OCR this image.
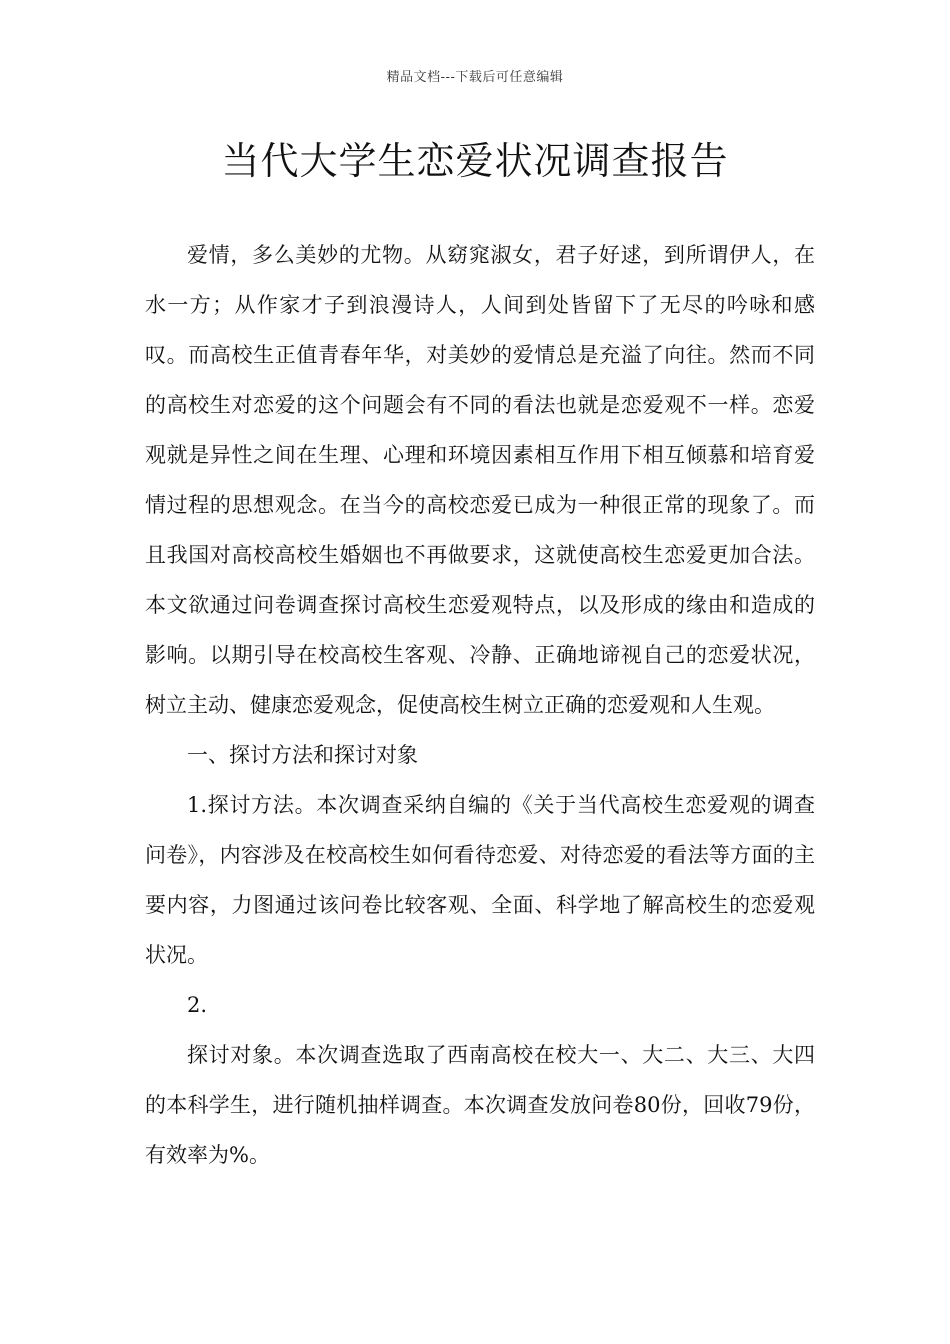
精品文档---下载后可任意编辑
当代大学生恋爱状况调查报告

爱情，多么美妙的尤物。从窈窕淑女，君子好逑，到所谓伊人，在水一方；从作家才子到浪漫诗人，人间到处皆留下了无尽的吟咏和感叹。而高校生正值青春年华，对美妙的爱情总是充溢了向往。然而不同的高校生对恋爱的这个问题会有不同的看法也就是恋爱观不一样。恋爱观就是异性之间在生理、心理和环境因素相互作用下相互倾慕和培育爱情过程的思想观念。在当今的高校恋爱已成为一种很正常的现象了。而且我国对高校高校生婚姻也不再做要求，这就使高校生恋爱更加合法。本文欲通过问卷调查探讨高校生恋爱观特点，以及形成的缘由和造成的影响。以期引导在校高校生客观、冷静、正确地谛视自己的恋爱状况，树立主动、健康恋爱观念，促使高校生树立正确的恋爱观和人生观。

一、探讨方法和探讨对象

1.探讨方法。本次调查采纳自编的《关于当代高校生恋爱观的调查问卷》，内容涉及在校高校生如何看待恋爱、对待恋爱的看法等方面的主要内容，力图通过该问卷比较客观、全面、科学地了解高校生的恋爱观状况。

2.

探讨对象。本次调查选取了西南高校在校大一、大二、大三、大四的本科学生，进行随机抽样调查。本次调查发放问卷80份，回收79份，有效率为%。
